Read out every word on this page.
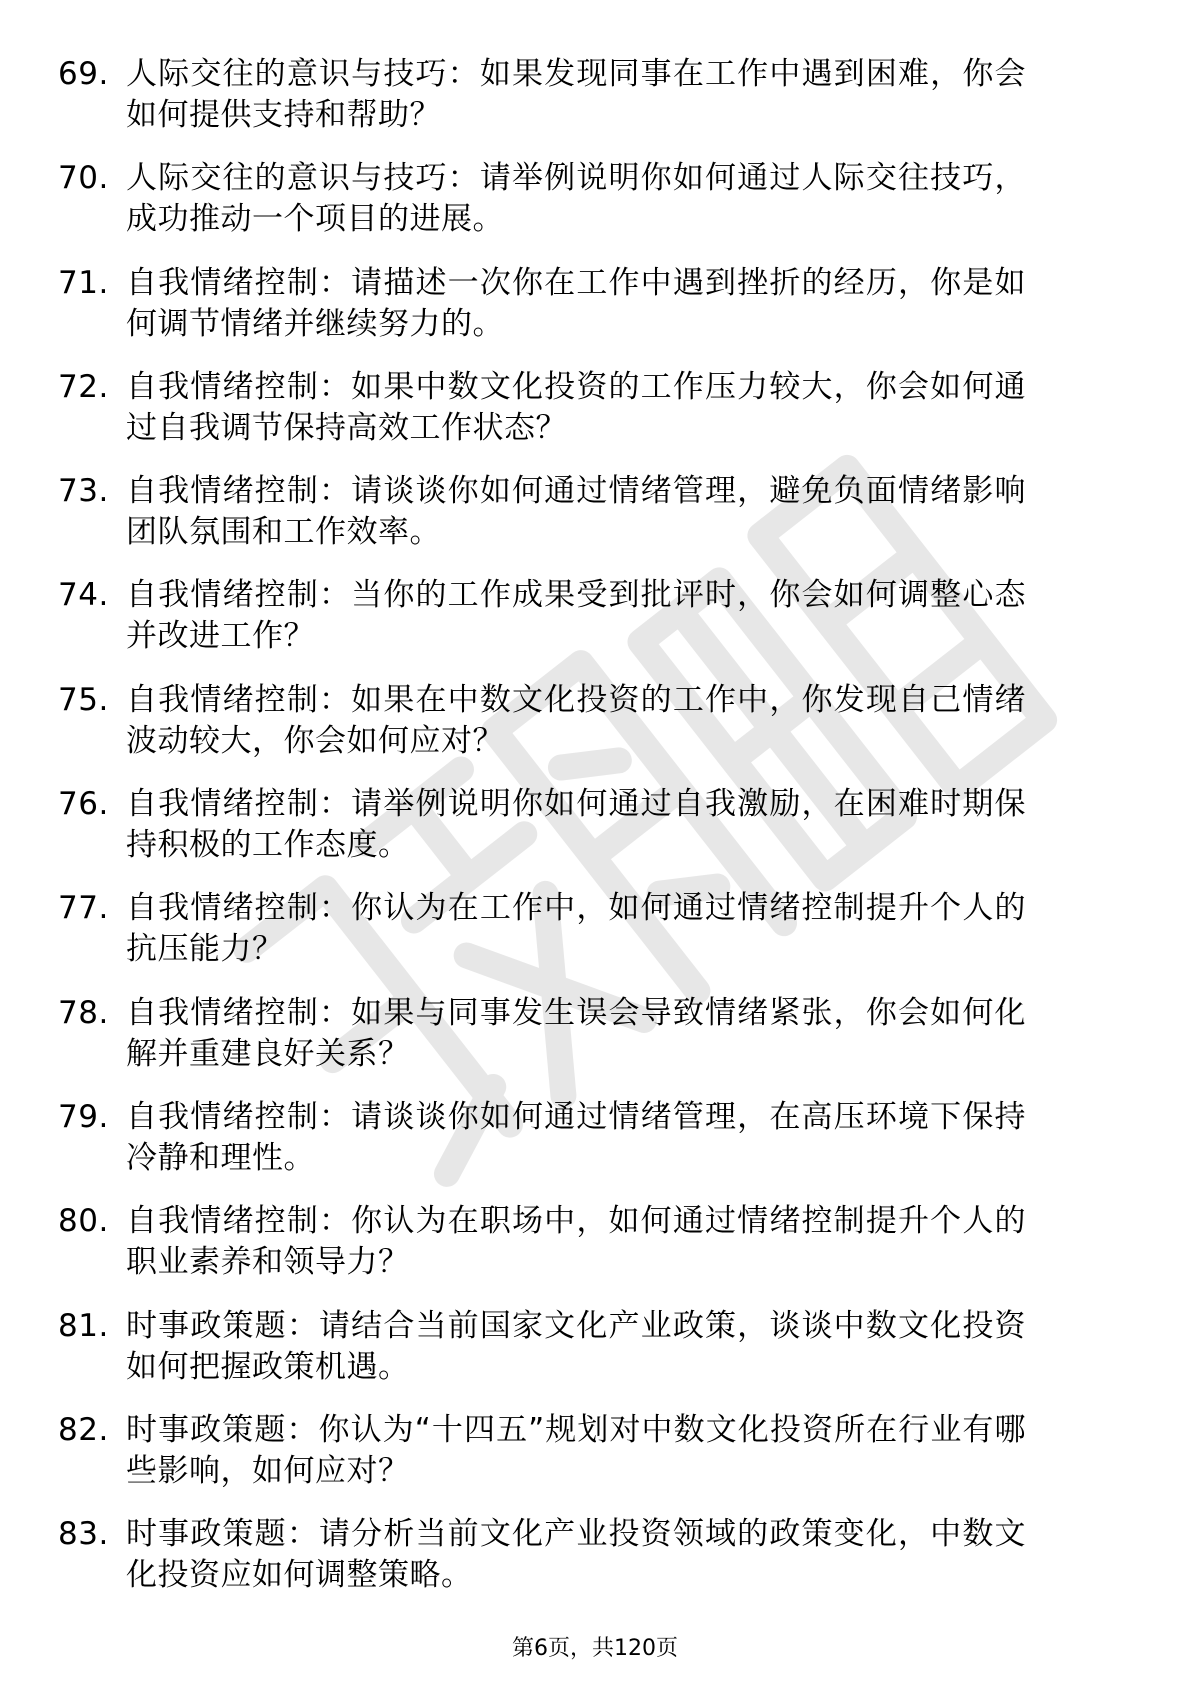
69. 人际交往的意识与技巧：如果发现同事在工作中遇到困难，你会如何提供支持和帮助？
70. 人际交往的意识与技巧：请举例说明你如何通过人际交往技巧，成功推动一个项目的进展。
71. 自我情绪控制：请描述一次你在工作中遇到挫折的经历，你是如何调节情绪并继续努力的。
72. 自我情绪控制：如果中数文化投资的工作压力较大，你会如何通过自我调节保持高效工作状态？
73. 自我情绪控制：请谈谈你如何通过情绪管理，避免负面情绪影响团队氛围和工作效率。
74. 自我情绪控制：当你的工作成果受到批评时，你会如何调整心态并改进工作？
75. 自我情绪控制：如果在中数文化投资的工作中，你发现自己情绪波动较大，你会如何应对？
76. 自我情绪控制：请举例说明你如何通过自我激励，在困难时期保持积极的工作态度。
77. 自我情绪控制：你认为在工作中，如何通过情绪控制提升个人的抗压能力？
78. 自我情绪控制：如果与同事发生误会导致情绪紧张，你会如何化解并重建良好关系？
79. 自我情绪控制：请谈谈你如何通过情绪管理，在高压环境下保持冷静和理性。
80. 自我情绪控制：你认为在职场中，如何通过情绪控制提升个人的职业素养和领导力？
81. 时事政策题：请结合当前国家文化产业政策，谈谈中数文化投资如何把握政策机遇。
82. 时事政策题：你认为“十四五”规划对中数文化投资所在行业有哪些影响，如何应对？
83. 时事政策题：请分析当前文化产业投资领域的政策变化，中数文化投资应如何调整策略。
第6页，共120页
